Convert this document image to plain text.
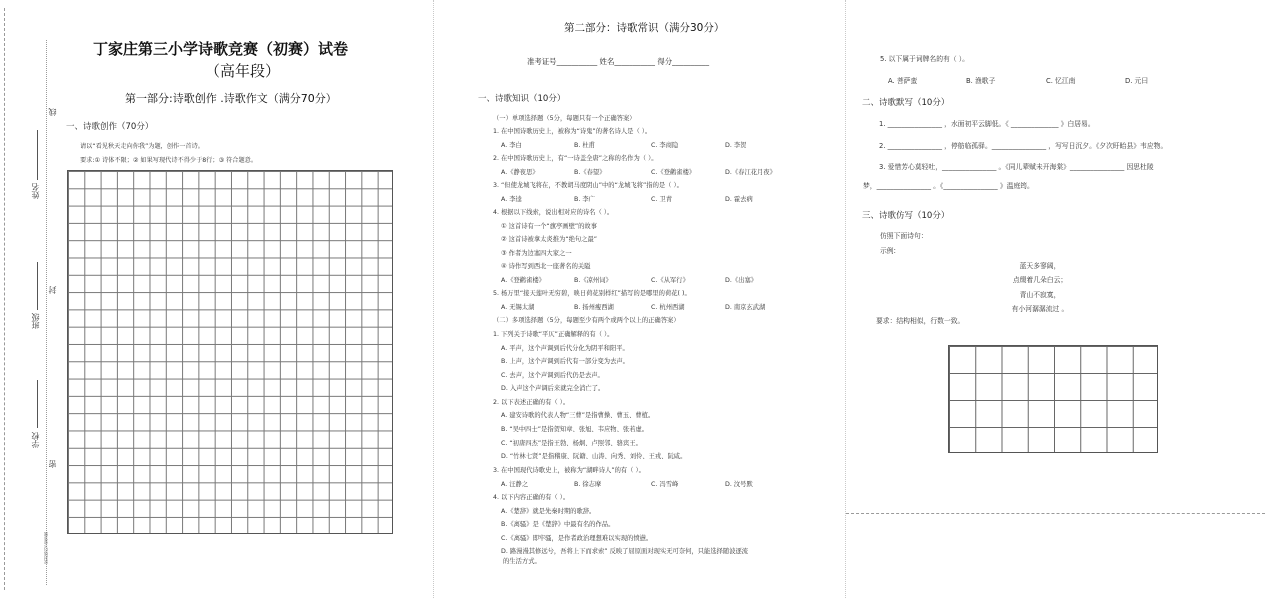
线
姓名
封
班级
学校
密
密封线内不要答题
丁家庄第三小学诗歌竞赛（初赛）试卷
（高年段）
第一部分:诗歌创作 .诗歌作文（满分70分）
一、诗歌创作（70分）
请以“看见秋天走向你我”为题，创作一首诗。
要求:① 诗体不限；② 如果写现代诗不得少于8行；③ 符合题意。
第二部分：诗歌常识（满分30分）
准考证号___________ 姓名___________ 得分__________
一、诗歌知识（10分）
（一）单项选择题（5分，每题只有一个正确答案）
1. 在中国诗歌历史上，被称为“诗鬼”的著名诗人是（ ）。
A. 李白	B. 杜甫	C. 李商隐	D. 李贺
2. 在中国诗歌历史上，有“一诗盖全唐”之称的名作为（ ）。
A.《静夜思》	B.《春望》	C.《登鹳雀楼》	D.《春江花月夜》
3. “但使龙城飞将在，不教胡马度阴山”中的“龙城飞将”指的是（ ）。
A. 李逵	B. 李广	C. 卫青	D. 霍去病
4. 根据以下线索，说出相对应的诗名（ ）。
① 这首诗有一个“旗亭画壁”的故事
② 这首诗被拿太炎推为“绝句之最”
③ 作者为边塞四大家之一
④ 诗作写到西北一座著名的关隘
A.《登鹳雀楼》	B.《凉州词》	C.《从军行》	D.《出塞》
5. 杨万里“接天莲叶无穷碧，映日荷花别样红”描写的是哪里的荷花( )。
A. 无锡太湖	B. 扬州瘦西湖	C. 杭州西湖	D. 南京玄武湖
（二）多项选择题（5分，每题至少有两个或两个以上的正确答案）
1. 下列关于诗歌“平仄”正确解释的有（ ）。
A. 平声，这个声调到后代分化为阴平和阳平。
B. 上声，这个声调到后代有一部分变为去声。
C. 去声，这个声调到后代仍是去声。
D. 入声这个声调后来就完全消亡了。
2. 以下表述正确的有（ ）。
A. 建安诗歌的代表人物“三曹”是指曹操、曹玉、曹植。
B. “吴中四士”是指贺知章、张旭、韦应物、张若虚。
C. “初唐四杰”是指王勃、杨炯、卢照邻、骆宾王。
D. “竹林七贤”是指稽康、阮籍、山涛、向秀、刘伶、王戎、阮咸。
3. 在中国现代诗歌史上，被称为“湖畔诗人”的有（ ）。
A. 汪静之	B. 徐志摩	C. 冯雪峰	D. 汶号默
4. 以下内容正确的有（ ）。
A.《楚辞》就是先秦时期的歌辞。
B.《离骚》是《楚辞》中最有名的作品。
C.《离骚》即牢骚，是作者政治理想难以实现的愤懑。
D. 路漫漫其修远兮，吾将上下而求索” 反映了屈原面对现实无可奈何，只能选择随波逐流
的生活方式。
5. 以下属于词牌名的有（ ）。
A. 菩萨蛮	B. 渔歌子	C. 忆江南	D. 元曰
二、诗歌默写（10分）
1. ________________ ，水面初平云脚低。《 ______________ 》白居易。
2. ________________ ，停舫临孤驿。________________ ，写写日沉夕。《夕次盱眙县》韦应物。
3. 爱惜芳心莫轻吐，________________ 。《同儿辈赋未开海棠》________________ 因思杜陵
梦，________________ 。《________________ 》温庭筠。
三、诗歌仿写（10分）
仿照下面诗句：
示例:
蓝天多寥阔，
点缀着几朵白云；
青山不寂寞，
有小河潺潺流过 。
要求：结构相似，行数一致。
